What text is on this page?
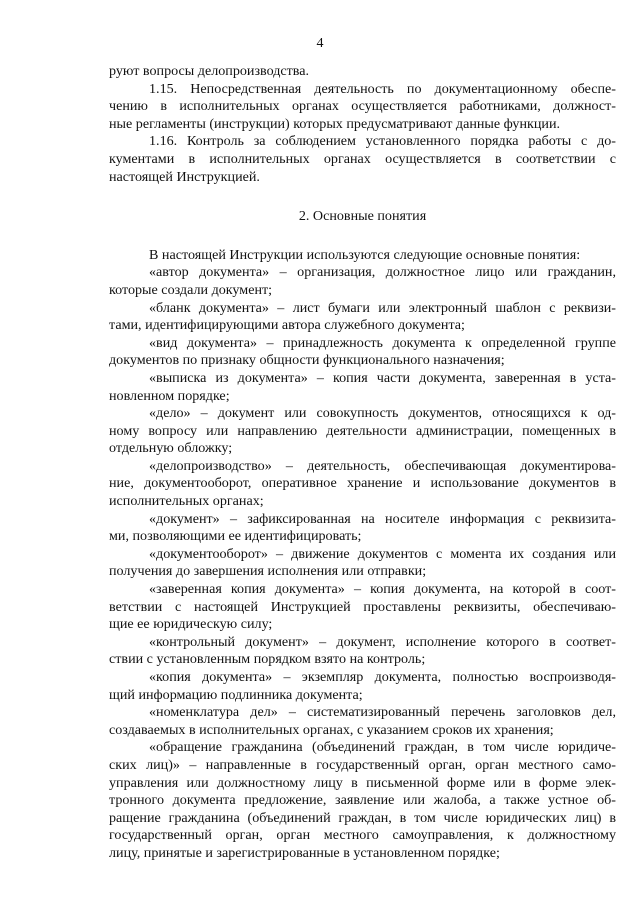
4
руют вопросы делопроизводства.
1.15. Непосредственная деятельность по документационному обеспе-
чению в исполнительных органах осуществляется работниками, должност-
ные регламенты (инструкции) которых предусматривают данные функции.
1.16. Контроль за соблюдением установленного порядка работы с до-
кументами в исполнительных органах осуществляется в соответствии с
настоящей Инструкцией.
2. Основные понятия
В настоящей Инструкции используются следующие основные понятия:
«автор документа» – организация, должностное лицо или гражданин,
которые создали документ;
«бланк документа» – лист бумаги или электронный шаблон с реквизи-
тами, идентифицирующими автора служебного документа;
«вид документа» – принадлежность документа к определенной группе
документов по признаку общности функционального назначения;
«выписка из документа» – копия части документа, заверенная в уста-
новленном порядке;
«дело» – документ или совокупность документов, относящихся к од-
ному вопросу или направлению деятельности администрации, помещенных в
отдельную обложку;
«делопроизводство» – деятельность, обеспечивающая документирова-
ние, документооборот, оперативное хранение и использование документов в
исполнительных органах;
«документ» – зафиксированная на носителе информация с реквизита-
ми, позволяющими ее идентифицировать;
«документооборот» – движение документов с момента их создания или
получения до завершения исполнения или отправки;
«заверенная копия документа» – копия документа, на которой в соот-
ветствии с настоящей Инструкцией проставлены реквизиты, обеспечиваю-
щие ее юридическую силу;
«контрольный документ» – документ, исполнение которого в соответ-
ствии с установленным порядком взято на контроль;
«копия документа» – экземпляр документа, полностью воспроизводя-
щий информацию подлинника документа;
«номенклатура дел» – систематизированный перечень заголовков дел,
создаваемых в исполнительных органах, с указанием сроков их хранения;
«обращение гражданина (объединений граждан, в том числе юридиче-
ских лиц)» – направленные в государственный орган, орган местного само-
управления или должностному лицу в письменной форме или в форме элек-
тронного документа предложение, заявление или жалоба, а также устное об-
ращение гражданина (объединений граждан, в том числе юридических лиц) в
государственный орган, орган местного самоуправления, к должностному
лицу, принятые и зарегистрированные в установленном порядке;
